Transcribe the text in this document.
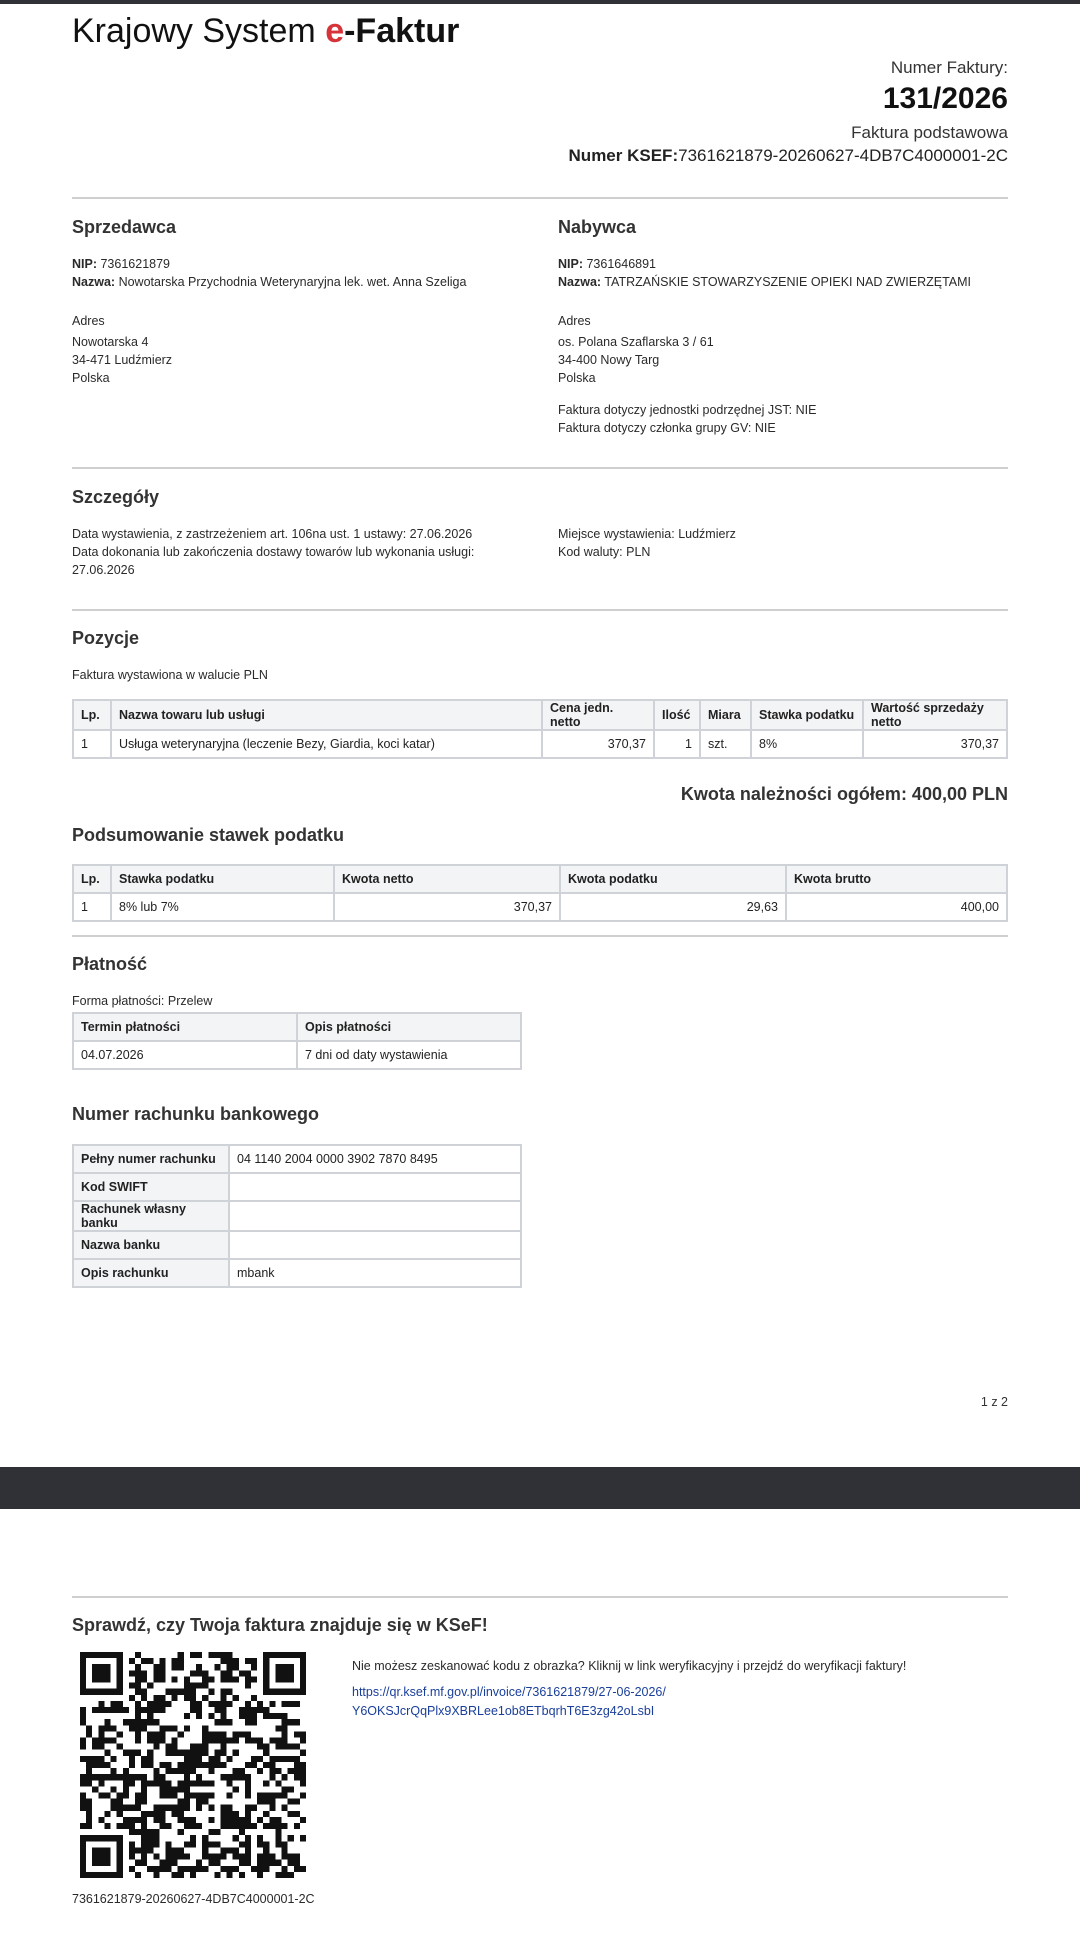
Krajowy System e-Faktur
Numer Faktury:
131/2026
Faktura podstawowa
Numer KSEF:7361621879-20260627-4DB7C4000001-2C
Sprzedawca
NIP: 7361621879
Nazwa: Nowotarska Przychodnia Weterynaryjna lek. wet. Anna Szeliga
Adres
Nowotarska 4
34-471 Ludźmierz
Polska
Nabywca
NIP: 7361646891
Nazwa: TATRZAŃSKIE STOWARZYSZENIE OPIEKI NAD ZWIERZĘTAMI
Adres
os. Polana Szaflarska 3 / 61
34-400 Nowy Targ
Polska
Faktura dotyczy jednostki podrzędnej JST: NIE
Faktura dotyczy członka grupy GV: NIE
Szczegóły
Data wystawienia, z zastrzeżeniem art. 106na ust. 1 ustawy: 27.06.2026
Data dokonania lub zakończenia dostawy towarów lub wykonania usługi: 27.06.2026
Miejsce wystawienia: Ludźmierz
Kod waluty: PLN
Pozycje
Faktura wystawiona w walucie PLN
Lp.	Nazwa towaru lub usługi	Cena jedn. netto	Ilość	Miara	Stawka podatku	Wartość sprzedaży netto
1	Usługa weterynaryjna (leczenie Bezy, Giardia, koci katar)	370,37	1	szt.	8%	370,37
Kwota należności ogółem: 400,00 PLN
Podsumowanie stawek podatku
Lp.	Stawka podatku	Kwota netto	Kwota podatku	Kwota brutto
1	8% lub 7%	370,37	29,63	400,00
Płatność
Forma płatności: Przelew
Termin płatności	Opis płatności
04.07.2026	7 dni od daty wystawienia
Numer rachunku bankowego
Pełny numer rachunku	04 1140 2004 0000 3902 7870 8495
Kod SWIFT	
Rachunek własny banku	
Nazwa banku	
Opis rachunku	mbank
1 z 2
Sprawdź, czy Twoja faktura znajduje się w KSeF!
Nie możesz zeskanować kodu z obrazka? Kliknij w link weryfikacyjny i przejdź do weryfikacji faktury!
https://qr.ksef.mf.gov.pl/invoice/7361621879/27-06-2026/
Y6OKSJcrQqPlx9XBRLee1ob8ETbqrhT6E3zg42oLsbI
7361621879-20260627-4DB7C4000001-2C
